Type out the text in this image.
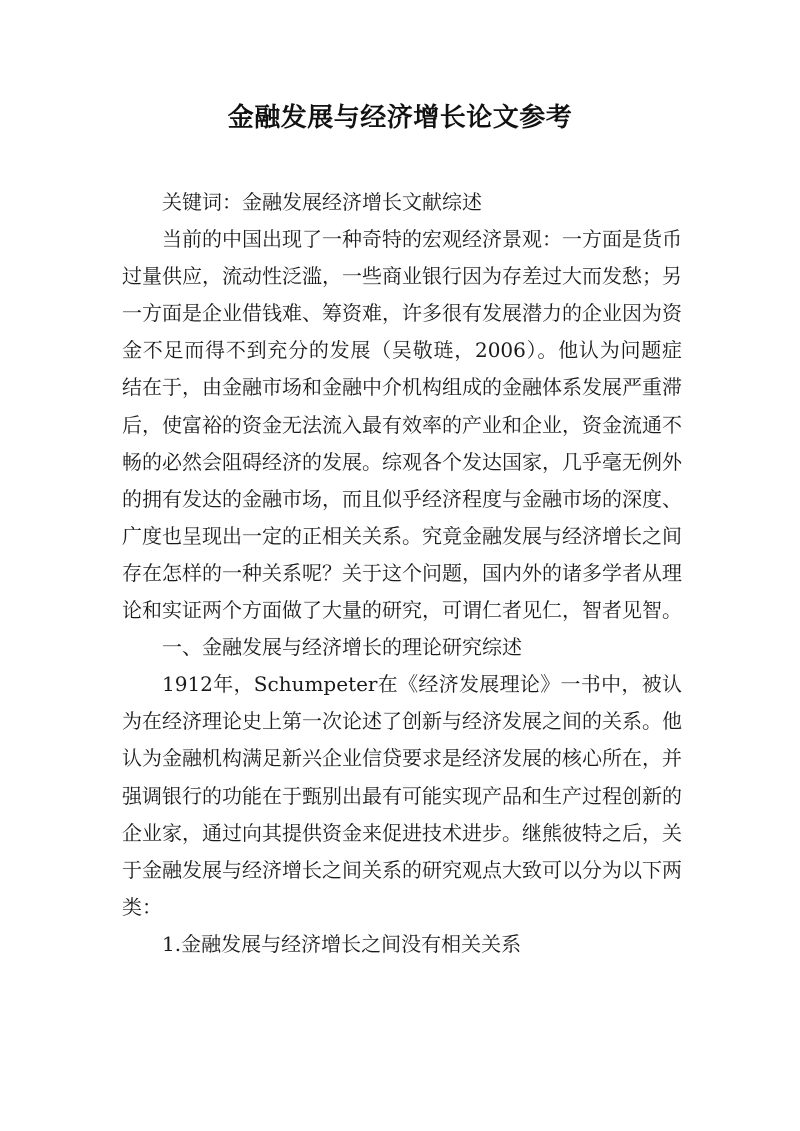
金融发展与经济增长论文参考

关键词：金融发展经济增长文献综述

当前的中国出现了一种奇特的宏观经济景观：一方面是货币过量供应，流动性泛滥，一些商业银行因为存差过大而发愁；另一方面是企业借钱难、筹资难，许多很有发展潜力的企业因为资金不足而得不到充分的发展（吴敬琏，2006）。他认为问题症结在于，由金融市场和金融中介机构组成的金融体系发展严重滞后，使富裕的资金无法流入最有效率的产业和企业，资金流通不畅的必然会阻碍经济的发展。综观各个发达国家，几乎毫无例外的拥有发达的金融市场，而且似乎经济程度与金融市场的深度、广度也呈现出一定的正相关关系。究竟金融发展与经济增长之间存在怎样的一种关系呢？关于这个问题，国内外的诸多学者从理论和实证两个方面做了大量的研究，可谓仁者见仁，智者见智。

一、金融发展与经济增长的理论研究综述

1912年，Schumpeter在《经济发展理论》一书中，被认为在经济理论史上第一次论述了创新与经济发展之间的关系。他认为金融机构满足新兴企业信贷要求是经济发展的核心所在，并强调银行的功能在于甄别出最有可能实现产品和生产过程创新的企业家，通过向其提供资金来促进技术进步。继熊彼特之后，关于金融发展与经济增长之间关系的研究观点大致可以分为以下两类：

1.金融发展与经济增长之间没有相关关系
